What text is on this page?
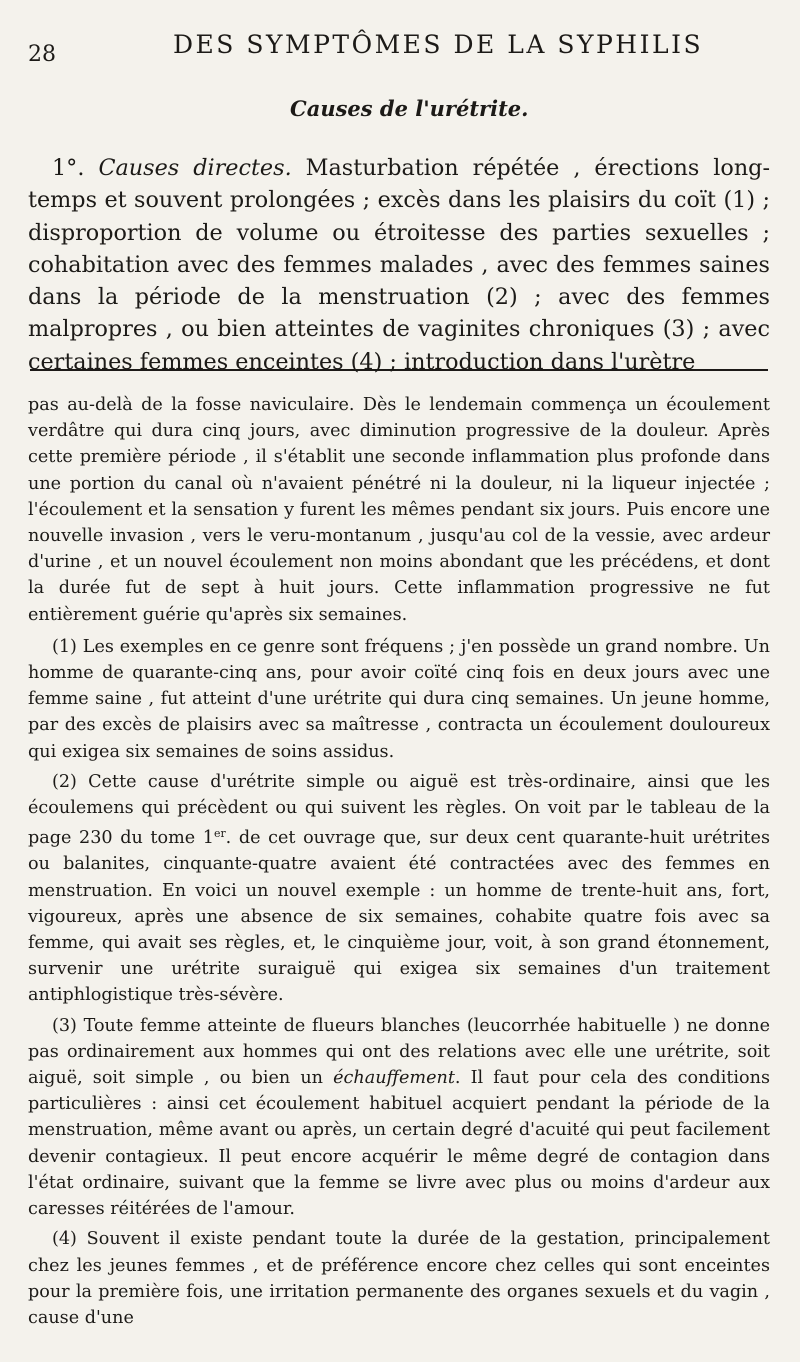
28	DES SYMPTÔMES DE LA SYPHILIS
Causes de l'urétrite.

1°. Causes directes. Masturbation répétée , érections long-temps et souvent prolongées ; excès dans les plaisirs du coït (1) ; disproportion de volume ou étroitesse des parties sexuelles ; cohabitation avec des femmes malades , avec des femmes saines dans la période de la menstruation (2) ; avec des femmes malpropres , ou bien atteintes de vaginites chroniques (3) ; avec certaines femmes enceintes (4) ; introduction dans l'urètre

pas au-delà de la fosse naviculaire. Dès le lendemain commença un écoulement verdâtre qui dura cinq jours, avec diminution progressive de la douleur. Après cette première période , il s'établit une seconde inflammation plus profonde dans une portion du canal où n'avaient pénétré ni la douleur, ni la liqueur injectée ; l'écoulement et la sensation y furent les mêmes pendant six jours. Puis encore une nouvelle invasion , vers le veru-montanum , jusqu'au col de la vessie, avec ardeur d'urine , et un nouvel écoulement non moins abondant que les précédens, et dont la durée fut de sept à huit jours. Cette inflammation progressive ne fut entièrement guérie qu'après six semaines.

(1) Les exemples en ce genre sont fréquens ; j'en possède un grand nombre. Un homme de quarante-cinq ans, pour avoir coïté cinq fois en deux jours avec une femme saine , fut atteint d'une urétrite qui dura cinq semaines. Un jeune homme, par des excès de plaisirs avec sa maîtresse , contracta un écoulement douloureux qui exigea six semaines de soins assidus.

(2) Cette cause d'urétrite simple ou aiguë est très-ordinaire, ainsi que les écoulemens qui précèdent ou qui suivent les règles. On voit par le tableau de la page 230 du tome 1er. de cet ouvrage que, sur deux cent quarante-huit urétrites ou balanites, cinquante-quatre avaient été contractées avec des femmes en menstruation. En voici un nouvel exemple : un homme de trente-huit ans, fort, vigoureux, après une absence de six semaines, cohabite quatre fois avec sa femme, qui avait ses règles, et, le cinquième jour, voit, à son grand étonnement, survenir une urétrite suraiguë qui exigea six semaines d'un traitement antiphlogistique très-sévère.

(3) Toute femme atteinte de flueurs blanches (leucorrhée habituelle ) ne donne pas ordinairement aux hommes qui ont des relations avec elle une urétrite, soit aiguë, soit simple , ou bien un échauffement. Il faut pour cela des conditions particulières : ainsi cet écoulement habituel acquiert pendant la période de la menstruation, même avant ou après, un certain degré d'acuité qui peut facilement devenir contagieux. Il peut encore acquérir le même degré de contagion dans l'état ordinaire, suivant que la femme se livre avec plus ou moins d'ardeur aux caresses réitérées de l'amour.

(4) Souvent il existe pendant toute la durée de la gestation, principalement chez les jeunes femmes , et de préférence encore chez celles qui sont enceintes pour la première fois, une irritation permanente des organes sexuels et du vagin , cause d'une
